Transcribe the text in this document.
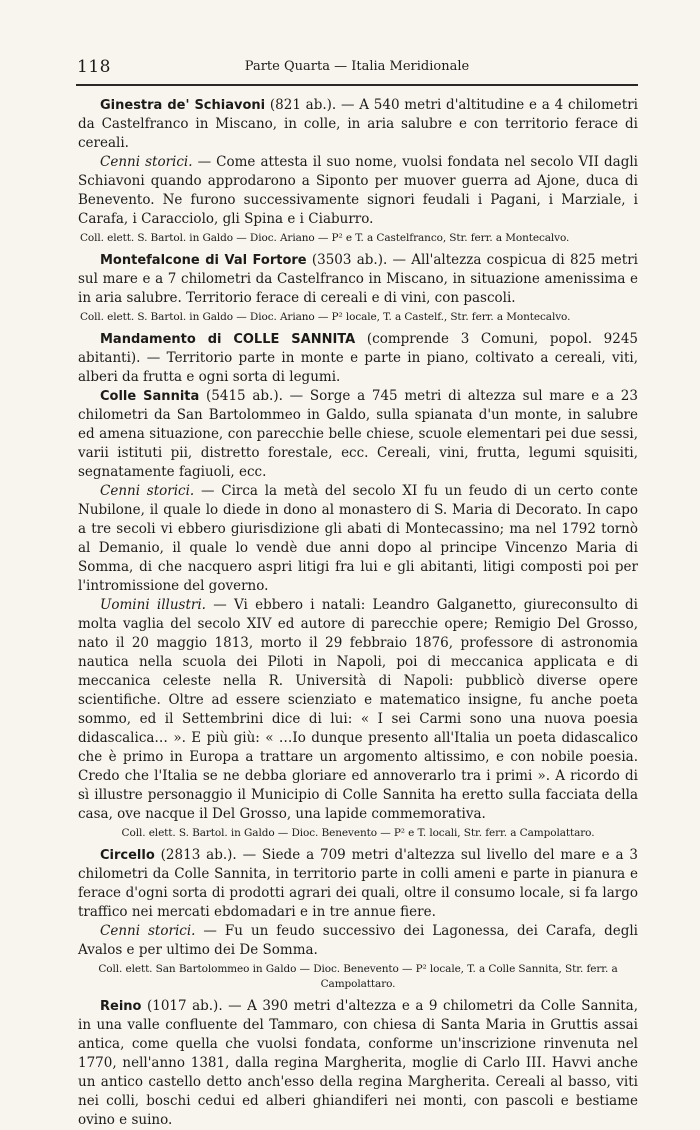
118	Parte Quarta — Italia Meridionale

Ginestra de' Schiavoni (821 ab.). — A 540 metri d'altitudine e a 4 chilometri da Castelfranco in Miscano, in colle, in aria salubre e con territorio ferace di cereali.

Cenni storici. — Come attesta il suo nome, vuolsi fondata nel secolo VII dagli Schiavoni quando approdarono a Siponto per muover guerra ad Ajone, duca di Benevento. Ne furono successivamente signori feudali i Pagani, i Marziale, i Carafa, i Caracciolo, gli Spina e i Ciaburro.

Coll. elett. S. Bartol. in Galdo — Dioc. Ariano — P² e T. a Castelfranco, Str. ferr. a Montecalvo.

Montefalcone di Val Fortore (3503 ab.). — All'altezza cospicua di 825 metri sul mare e a 7 chilometri da Castelfranco in Miscano, in situazione amenissima e in aria salubre. Territorio ferace di cereali e di vini, con pascoli.

Coll. elett. S. Bartol. in Galdo — Dioc. Ariano — P² locale, T. a Castelf., Str. ferr. a Montecalvo.

Mandamento di COLLE SANNITA (comprende 3 Comuni, popol. 9245 abitanti). — Territorio parte in monte e parte in piano, coltivato a cereali, viti, alberi da frutta e ogni sorta di legumi.

Colle Sannita (5415 ab.). — Sorge a 745 metri di altezza sul mare e a 23 chilometri da San Bartolommeo in Galdo, sulla spianata d'un monte, in salubre ed amena situazione, con parecchie belle chiese, scuole elementari pei due sessi, varii istituti pii, distretto forestale, ecc. Cereali, vini, frutta, legumi squisiti, segnatamente fagiuoli, ecc.

Cenni storici. — Circa la metà del secolo XI fu un feudo di un certo conte Nubilone, il quale lo diede in dono al monastero di S. Maria di Decorato. In capo a tre secoli vi ebbero giurisdizione gli abati di Montecassino; ma nel 1792 tornò al Demanio, il quale lo vendè due anni dopo al principe Vincenzo Maria di Somma, di che nacquero aspri litigi fra lui e gli abitanti, litigi composti poi per l'intromissione del governo.

Uomini illustri. — Vi ebbero i natali: Leandro Galganetto, giureconsulto di molta vaglia del secolo XIV ed autore di parecchie opere; Remigio Del Grosso, nato il 20 maggio 1813, morto il 29 febbraio 1876, professore di astronomia nautica nella scuola dei Piloti in Napoli, poi di meccanica applicata e di meccanica celeste nella R. Università di Napoli: pubblicò diverse opere scientifiche. Oltre ad essere scienziato e matematico insigne, fu anche poeta sommo, ed il Settembrini dice di lui: « I sei Carmi sono una nuova poesia didascalica… ». E più giù: « …Io dunque presento all'Italia un poeta didascalico che è primo in Europa a trattare un argomento altissimo, e con nobile poesia. Credo che l'Italia se ne debba gloriare ed annoverarlo tra i primi ». A ricordo di sì illustre personaggio il Municipio di Colle Sannita ha eretto sulla facciata della casa, ove nacque il Del Grosso, una lapide commemorativa.

Coll. elett. S. Bartol. in Galdo — Dioc. Benevento — P² e T. locali, Str. ferr. a Campolattaro.

Circello (2813 ab.). — Siede a 709 metri d'altezza sul livello del mare e a 3 chilometri da Colle Sannita, in territorio parte in colli ameni e parte in pianura e ferace d'ogni sorta di prodotti agrari dei quali, oltre il consumo locale, si fa largo traffico nei mercati ebdomadari e in tre annue fiere.

Cenni storici. — Fu un feudo successivo dei Lagonessa, dei Carafa, degli Avalos e per ultimo dei De Somma.

Coll. elett. San Bartolommeo in Galdo — Dioc. Benevento — P² locale, T. a Colle Sannita, Str. ferr. a Campolattaro.

Reino (1017 ab.). — A 390 metri d'altezza e a 9 chilometri da Colle Sannita, in una valle confluente del Tammaro, con chiesa di Santa Maria in Gruttis assai antica, come quella che vuolsi fondata, conforme un'inscrizione rinvenuta nel 1770, nell'anno 1381, dalla regina Margherita, moglie di Carlo III. Havvi anche un antico castello detto anch'esso della regina Margherita. Cereali al basso, viti nei colli, boschi cedui ed alberi ghiandiferi nei monti, con pascoli e bestiame ovino e suino.
